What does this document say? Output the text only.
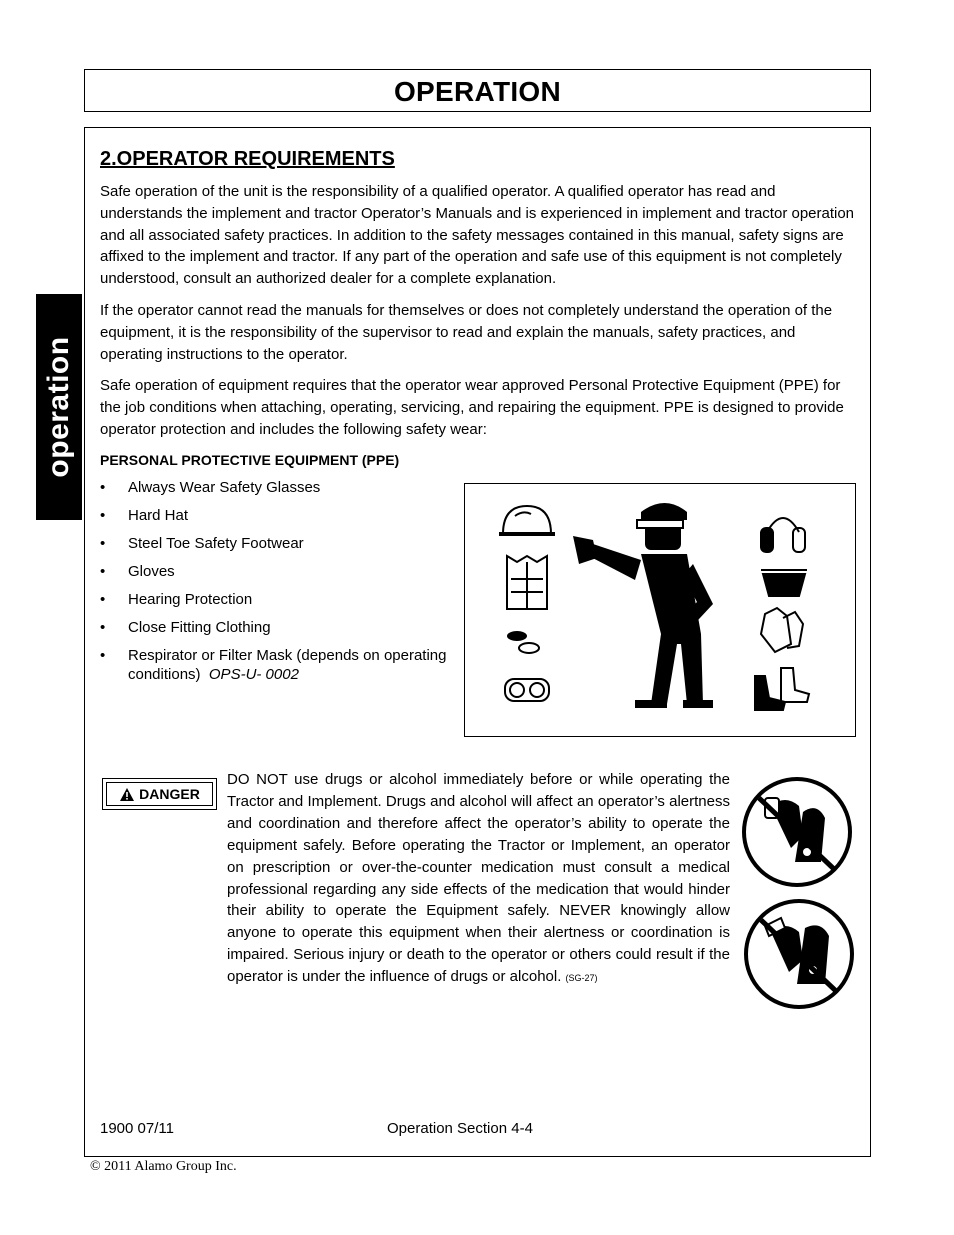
OPERATION
operation
2.OPERATOR REQUIREMENTS
Safe operation of the unit is the responsibility of a qualified operator. A qualified operator has read and understands the implement and tractor Operator’s Manuals and is experienced in implement and tractor operation and all associated safety practices. In addition to the safety messages contained in this manual, safety signs are affixed to the implement and tractor. If any part of the operation and safe use of this equipment is not completely understood, consult an authorized dealer for a complete explanation.
If the operator cannot read the manuals for themselves or does not completely understand the operation of the equipment, it is the responsibility of the supervisor to read and explain the manuals, safety practices, and operating instructions to the operator.
Safe operation of equipment requires that the operator wear approved Personal Protective Equipment (PPE) for the job conditions when attaching, operating, servicing, and repairing the equipment. PPE is designed to provide operator protection and includes the following safety wear:
PERSONAL PROTECTIVE EQUIPMENT (PPE)
• Always Wear Safety Glasses
• Hard Hat
• Steel Toe Safety Footwear
• Gloves
• Hearing Protection
• Close Fitting Clothing
• Respirator or Filter Mask (depends on operating conditions) OPS-U- 0002
DANGER
DO NOT use drugs or alcohol immediately before or while operating the Tractor and Implement. Drugs and alcohol will affect an operator’s alertness and coordination and therefore affect the operator’s ability to operate the equipment safely. Before operating the Tractor or Implement, an operator on prescription or over-the-counter medication must consult a medical professional regarding any side effects of the medication that would hinder their ability to operate the Equipment safely. NEVER knowingly allow anyone to operate this equipment when their alertness or coordination is impaired. Serious injury or death to the operator or others could result if the operator is under the influence of drugs or alcohol. (SG-27)
1900 07/11	Operation Section 4-4
© 2011 Alamo Group Inc.
